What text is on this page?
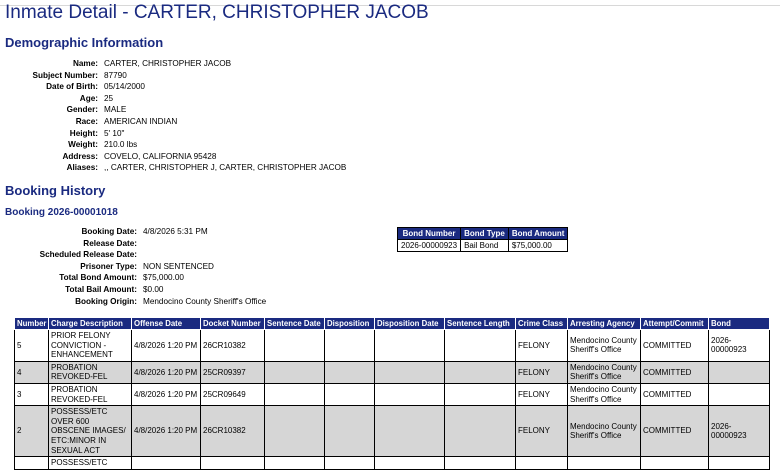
Inmate Detail - CARTER, CHRISTOPHER JACOB
Demographic Information
Name: CARTER, CHRISTOPHER JACOB
Subject Number: 87790
Date of Birth: 05/14/2000
Age: 25
Gender: MALE
Race: AMERICAN INDIAN
Height: 5' 10"
Weight: 210.0 lbs
Address: COVELO, CALIFORNIA 95428
Aliases: ,, CARTER, CHRISTOPHER J, CARTER, CHRISTOPHER JACOB
Booking History
Booking 2026-00001018
Booking Date: 4/8/2026 5:31 PM
Release Date:
Scheduled Release Date:
Prisoner Type: NON SENTENCED
Total Bond Amount: $75,000.00
Total Bail Amount: $0.00
Booking Origin: Mendocino County Sheriff's Office
Bond Number	Bond Type	Bond Amount
2026-00000923	Bail Bond	$75,000.00
Number	Charge Description	Offense Date	Docket Number	Sentence Date	Disposition	Disposition Date	Sentence Length	Crime Class	Arresting Agency	Attempt/Commit	Bond
5	PRIOR FELONY CONVICTION - ENHANCEMENT	4/8/2026 1:20 PM	26CR10382					FELONY	Mendocino County Sheriff's Office	COMMITTED	2026-00000923
4	PROBATION REVOKED-FEL	4/8/2026 1:20 PM	25CR09397					FELONY	Mendocino County Sheriff's Office	COMMITTED	
3	PROBATION REVOKED-FEL	4/8/2026 1:20 PM	25CR09649					FELONY	Mendocino County Sheriff's Office	COMMITTED	
2	POSSESS/ETC OVER 600 OBSCENE IMAGES/ ETC:MINOR IN SEXUAL ACT	4/8/2026 1:20 PM	26CR10382					FELONY	Mendocino County Sheriff's Office	COMMITTED	2026-00000923
	POSSESS/ETC										
